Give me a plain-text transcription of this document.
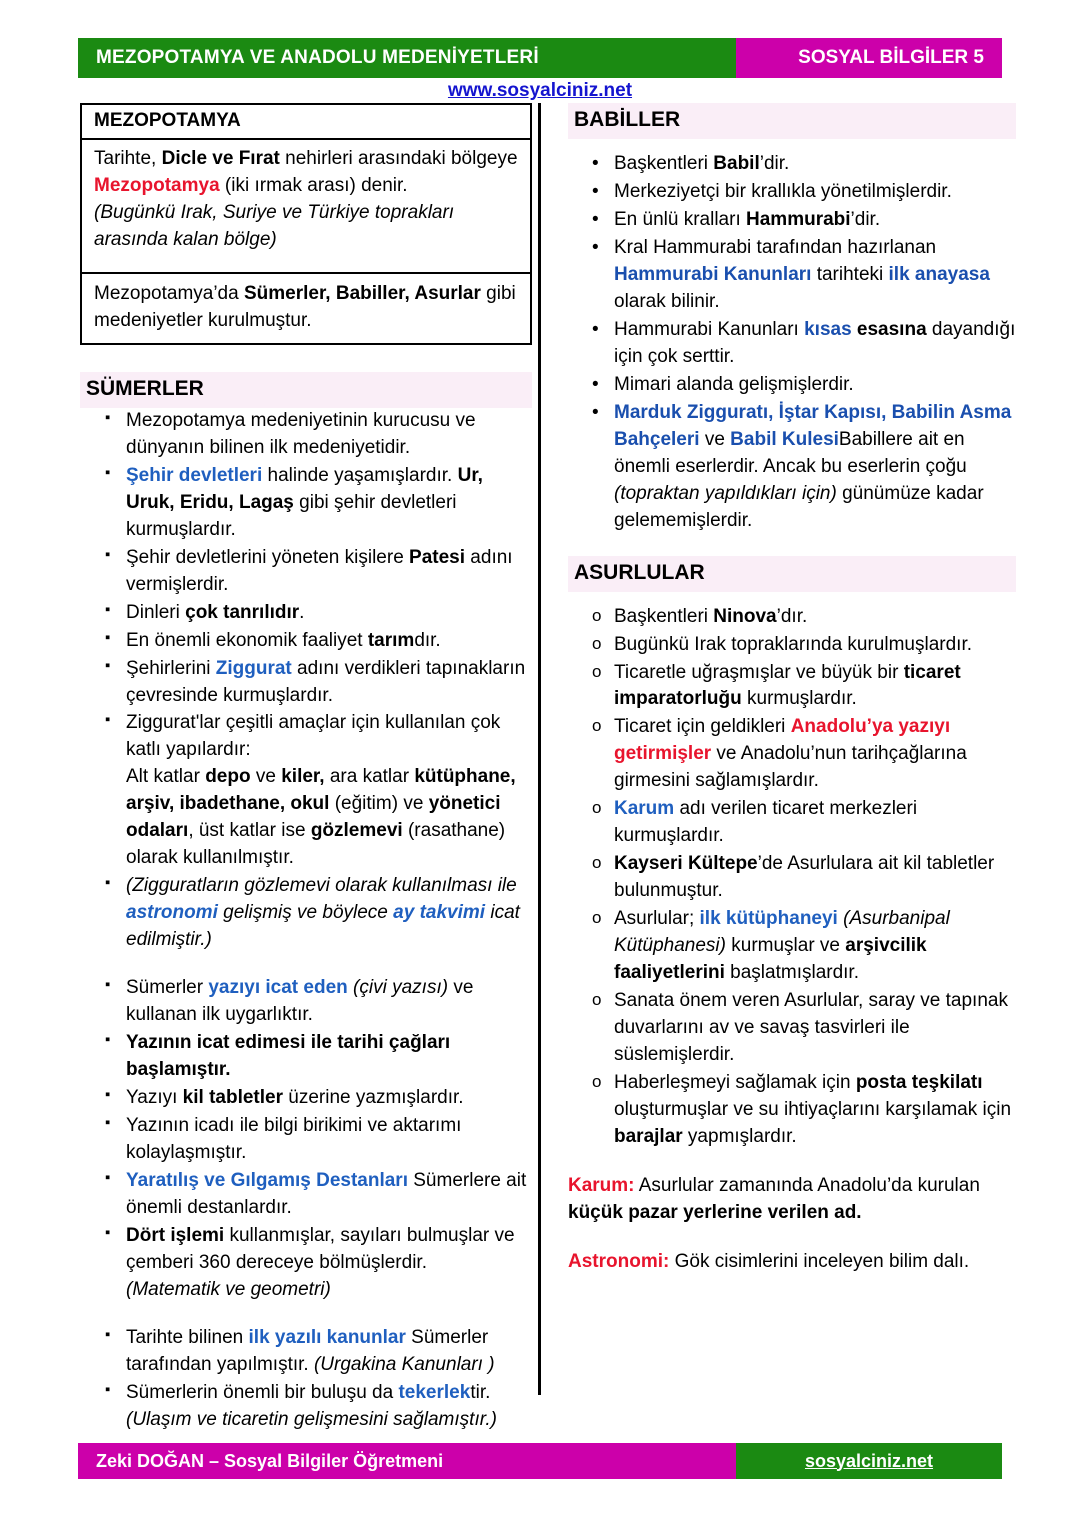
MEZOPOTAMYA VE ANADOLU MEDENİYETLERİ	SOSYAL BİLGİLER 5
www.sosyalciniz.net
MEZOPOTAMYA
Tarihte, Dicle ve Fırat nehirleri arasındaki bölgeye Mezopotamya (iki ırmak arası) denir.
(Bugünkü Irak, Suriye ve Türkiye toprakları arasında kalan bölge)
Mezopotamya’da Sümerler, Babiller, Asurlar gibi medeniyetler kurulmuştur.
SÜMERLER
▪ Mezopotamya medeniyetinin kurucusu ve dünyanın bilinen ilk medeniyetidir.
▪ Şehir devletleri halinde yaşamışlardır. Ur, Uruk, Eridu, Lagaş gibi şehir devletleri kurmuşlardır.
▪ Şehir devletlerini yöneten kişilere Patesi adını vermişlerdir.
▪ Dinleri çok tanrılıdır.
▪ En önemli ekonomik faaliyet tarımdır.
▪ Şehirlerini Ziggurat adını verdikleri tapınakların çevresinde kurmuşlardır.
▪ Ziggurat'lar çeşitli amaçlar için kullanılan çok katlı yapılardır:
Alt katlar depo ve kiler, ara katlar kütüphane, arşiv, ibadethane, okul (eğitim) ve yönetici odaları, üst katlar ise gözlemevi (rasathane) olarak kullanılmıştır.
▪ (Zigguratların gözlemevi olarak kullanılması ile astronomi gelişmiş ve böylece ay takvimi icat edilmiştir.)
▪ Sümerler yazıyı icat eden (çivi yazısı) ve kullanan ilk uygarlıktır.
▪ Yazının icat edimesi ile tarihi çağları başlamıştır.
▪ Yazıyı kil tabletler üzerine yazmışlardır.
▪ Yazının icadı ile bilgi birikimi ve aktarımı kolaylaşmıştır.
▪ Yaratılış ve Gılgamış Destanları Sümerlere ait önemli destanlardır.
▪ Dört işlemi kullanmışlar, sayıları bulmuşlar ve çemberi 360 dereceye bölmüşlerdir.
(Matematik ve geometri)
▪ Tarihte bilinen ilk yazılı kanunlar Sümerler tarafından yapılmıştır. (Urgakina Kanunları )
▪ Sümerlerin önemli bir buluşu da tekerlektir. (Ulaşım ve ticaretin gelişmesini sağlamıştır.)
BABİLLER
• Başkentleri Babil’dir.
• Merkeziyetçi bir krallıkla yönetilmişlerdir.
• En ünlü kralları Hammurabi’dir.
• Kral Hammurabi tarafından hazırlanan Hammurabi Kanunları tarihteki ilk anayasa olarak bilinir.
• Hammurabi Kanunları kısas esasına dayandığı için çok serttir.
• Mimari alanda gelişmişlerdir.
• Marduk Zigguratı, İştar Kapısı, Babilin Asma Bahçeleri ve Babil KulesiBabillere ait en önemli eserlerdir. Ancak bu eserlerin çoğu (topraktan yapıldıkları için) günümüze kadar gelememişlerdir.
ASURLULAR
o Başkentleri Ninova’dır.
o Bugünkü Irak topraklarında kurulmuşlardır.
o Ticaretle uğraşmışlar ve büyük bir ticaret imparatorluğu kurmuşlardır.
o Ticaret için geldikleri Anadolu’ya yazıyı getirmişler ve Anadolu’nun tarihçağlarına girmesini sağlamışlardır.
o Karum adı verilen ticaret merkezleri kurmuşlardır.
o Kayseri Kültepe’de Asurlulara ait kil tabletler bulunmuştur.
o Asurlular; ilk kütüphaneyi (Asurbanipal Kütüphanesi) kurmuşlar ve arşivcilik faaliyetlerini başlatmışlardır.
o Sanata önem veren Asurlular, saray ve tapınak duvarlarını av ve savaş tasvirleri ile süslemişlerdir.
o Haberleşmeyi sağlamak için posta teşkilatı oluşturmuşlar ve su ihtiyaçlarını karşılamak için barajlar yapmışlardır.
Karum: Asurlular zamanında Anadolu’da kurulan küçük pazar yerlerine verilen ad.
Astronomi: Gök cisimlerini inceleyen bilim dalı.
Zeki DOĞAN – Sosyal Bilgiler Öğretmeni	sosyalciniz.net
